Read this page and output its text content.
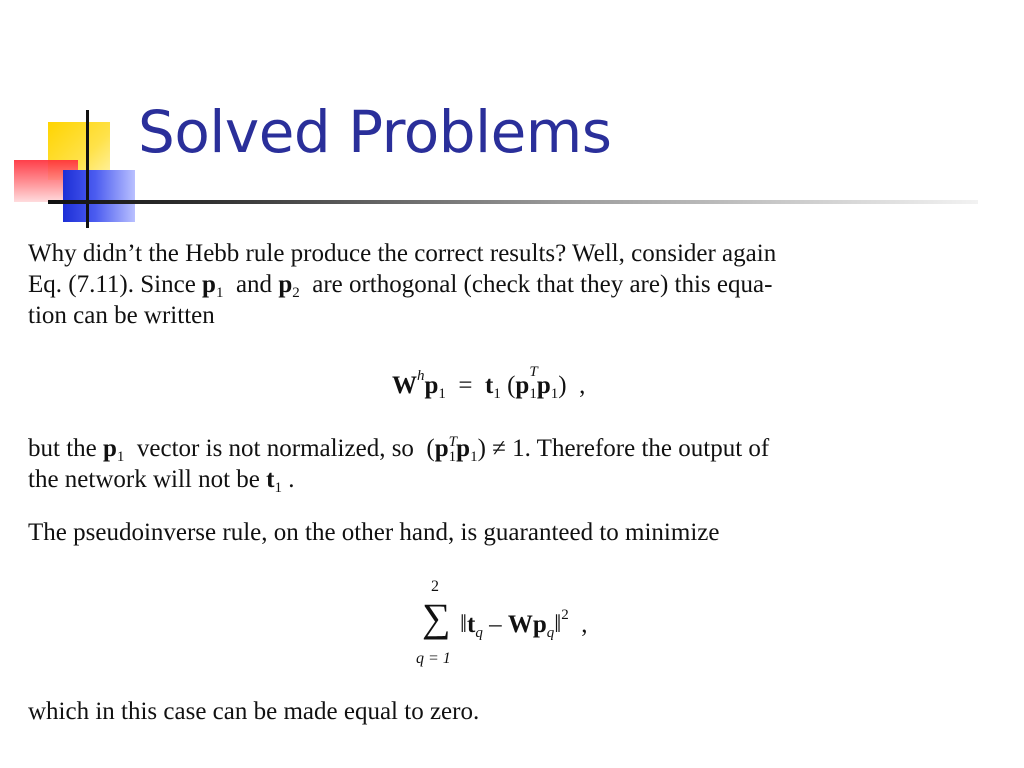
Solved Problems

Why didn’t the Hebb rule produce the correct results? Well, consider again

Eq. (7.11). Since $p_1$ and $p_2$ are orthogonal (check that they are) this equa-

tion can be written

$W^hp_1 = t_1$ (p $_{T 1}p_1$)  ,

but the $p_1$ vector is not normalized, so  (p $_{T 1}p_1) \ne 1$. Therefore the output of

the network will not be $t_1$ .

The pseudoinverse rule, on the other hand, is guaranteed to minimize

2
∑
q = 1
$‖t_q$ – $Wp_q‖^2$ ,

which in this case can be made equal to zero.
